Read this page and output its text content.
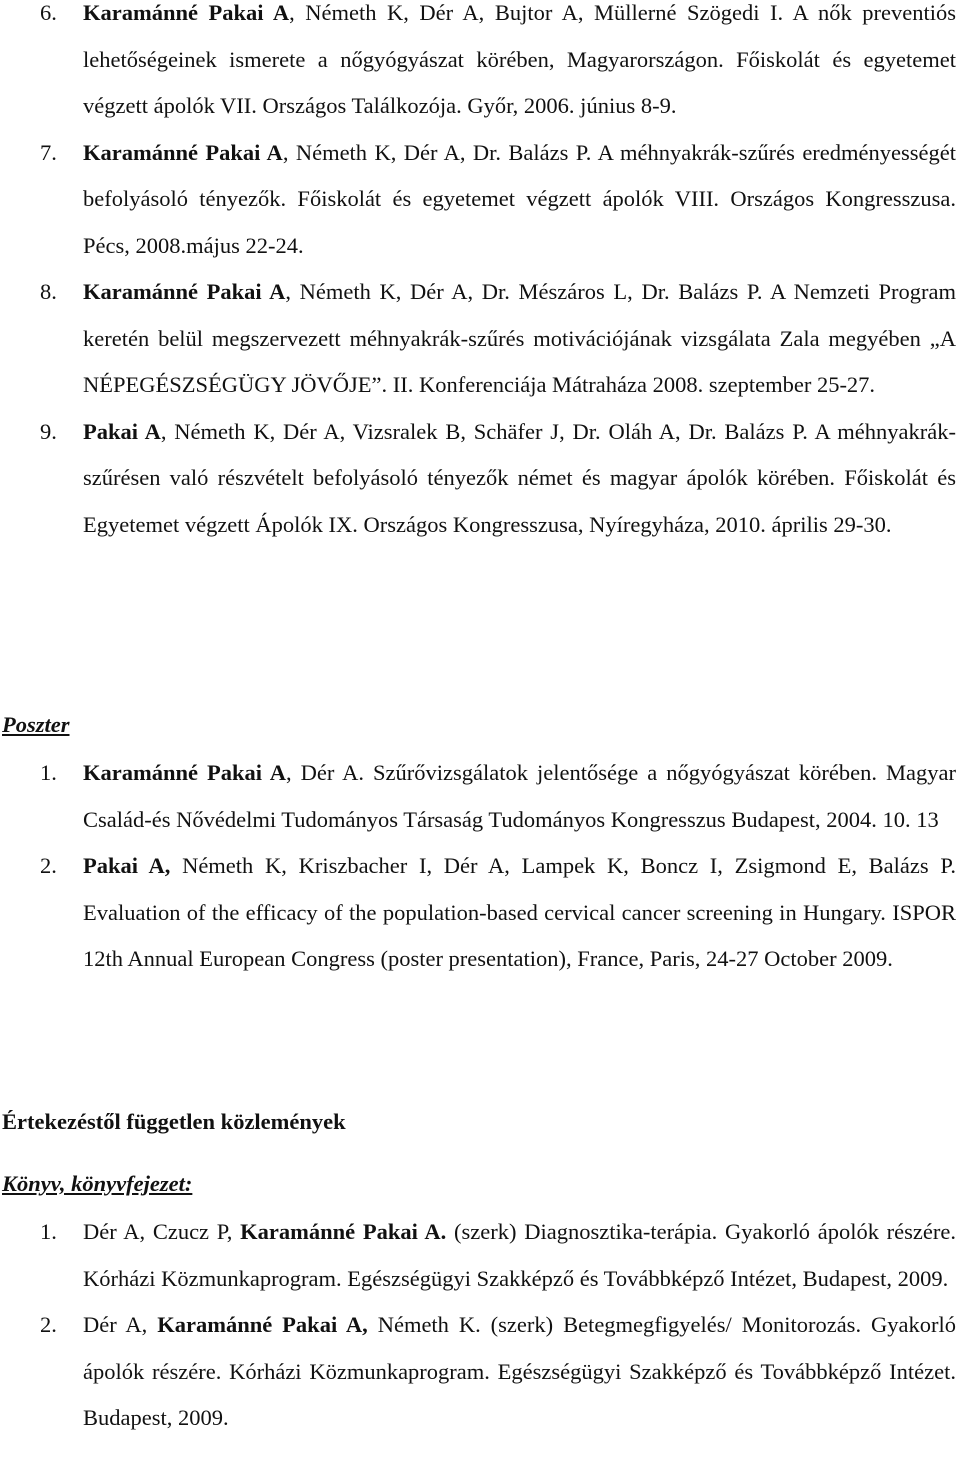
6. Karamánné Pakai A, Németh K, Dér A, Bujtor A, Müllerné Szögedi I. A nők preventiós lehetőségeinek ismerete a nőgyógyászat körében, Magyarországon. Főiskolát és egyetemet végzett ápolók VII. Országos Találkozója. Győr, 2006. június 8-9.
7. Karamánné Pakai A, Németh K, Dér A, Dr. Balázs P. A méhnyakrák-szűrés eredményességét befolyásoló tényezők. Főiskolát és egyetemet végzett ápolók VIII. Országos Kongresszusa. Pécs, 2008.május 22-24.
8. Karamánné Pakai A, Németh K, Dér A, Dr. Mészáros L, Dr. Balázs P. A Nemzeti Program keretén belül megszervezett méhnyakrák-szűrés motivációjának vizsgálata Zala megyében „A NÉPEGÉSZSÉGÜGY JÖVŐJE”. II. Konferenciája Mátraháza 2008. szeptember 25-27.
9. Pakai A, Németh K, Dér A, Vizsralek B, Schäfer J, Dr. Oláh A, Dr. Balázs P. A méhnyakrák-szűrésen való részvételt befolyásoló tényezők német és magyar ápolók körében. Főiskolát és Egyetemet végzett Ápolók IX. Országos Kongresszusa, Nyíregyháza, 2010. április 29-30.
Poszter
1. Karamánné Pakai A, Dér A. Szűrővizsgálatok jelentősége a nőgyógyászat körében. Magyar Család-és Nővédelmi Tudományos Társaság Tudományos Kongresszus Budapest, 2004. 10. 13
2. Pakai A, Németh K, Kriszbacher I, Dér A, Lampek K, Boncz I, Zsigmond E, Balázs P. Evaluation of the efficacy of the population-based cervical cancer screening in Hungary. ISPOR 12th Annual European Congress (poster presentation), France, Paris, 24-27 October 2009.
Értekezéstől független közlemények
Könyv, könyvfejezet:
1. Dér A, Czucz P, Karamánné Pakai A. (szerk) Diagnosztika-terápia. Gyakorló ápolók részére. Kórházi Közmunkaprogram. Egészségügyi Szakképző és Továbbképző Intézet, Budapest, 2009.
2. Dér A, Karamánné Pakai A, Németh K. (szerk) Betegmegfigyelés/ Monitorozás. Gyakorló ápolók részére. Kórházi Közmunkaprogram. Egészségügyi Szakképző és Továbbképző Intézet. Budapest, 2009.
